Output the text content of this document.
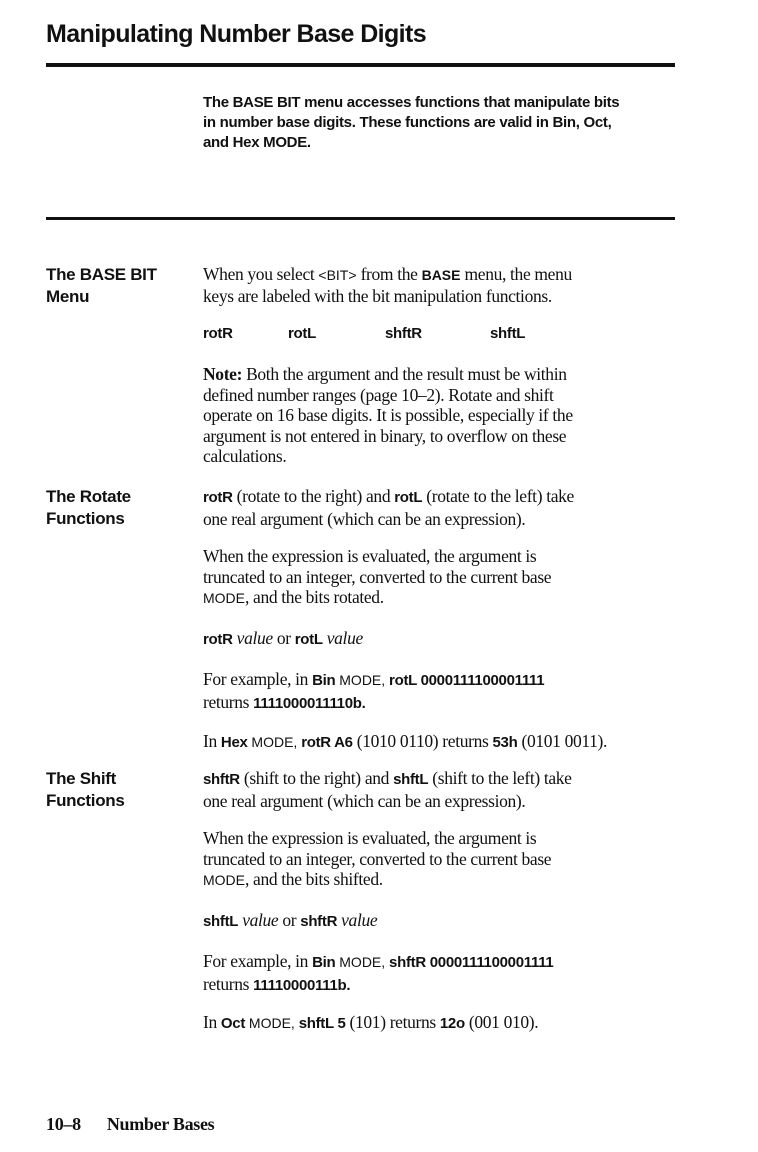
Manipulating Number Base Digits
The BASE BIT menu accesses functions that manipulate bits
in number base digits. These functions are valid in Bin, Oct,
and Hex MODE.
The BASE BIT
Menu
When you select <BIT> from the BASE menu, the menu
keys are labeled with the bit manipulation functions.
rotR	rotL	shftR	shftL
Note: Both the argument and the result must be within
defined number ranges (page 10–2). Rotate and shift
operate on 16 base digits. It is possible, especially if the
argument is not entered in binary, to overflow on these
calculations.
The Rotate
Functions
rotR (rotate to the right) and rotL (rotate to the left) take
one real argument (which can be an expression).
When the expression is evaluated, the argument is
truncated to an integer, converted to the current base
MODE, and the bits rotated.
rotR value or rotL value
For example, in Bin MODE, rotL 0000111100001111
returns 1111000011110b.
In Hex MODE, rotR A6 (1010 0110) returns 53h (0101 0011).
The Shift
Functions
shftR (shift to the right) and shftL (shift to the left) take
one real argument (which can be an expression).
When the expression is evaluated, the argument is
truncated to an integer, converted to the current base
MODE, and the bits shifted.
shftL value or shftR value
For example, in Bin MODE, shftR 0000111100001111
returns 11110000111b.
In Oct MODE, shftL 5 (101) returns 12o (001 010).
10–8 Number Bases
